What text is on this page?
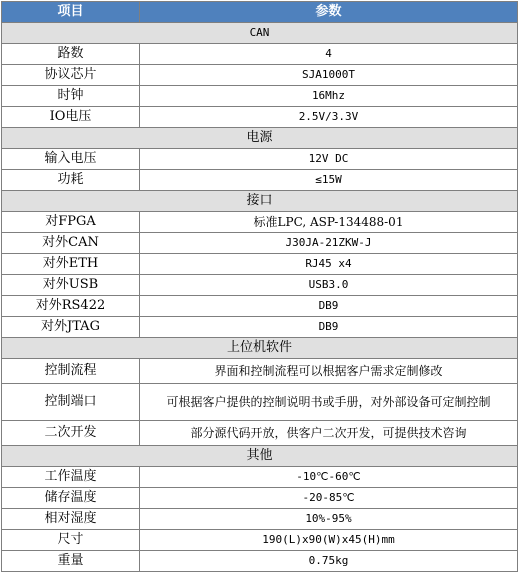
项目	参数
CAN	
路数	4
协议芯片	SJA1000T
时钟	16Mhz
IO电压	2.5V/3.3V
电源	
输入电压	12V DC
功耗	≤15W
接口	
对FPGA	标准LPC, ASP-134488-01
对外CAN	J30JA-21ZKW-J
对外ETH	RJ45 x4
对外USB	USB3.0
对外RS422	DB9
对外JTAG	DB9
上位机软件	
控制流程	界面和控制流程可以根据客户需求定制修改
控制端口	可根据客户提供的控制说明书或手册，对外部设备可定制控制
二次开发	部分源代码开放，供客户二次开发，可提供技术咨询
其他	
工作温度	-10℃-60℃
储存温度	-20-85℃
相对湿度	10%-95%
尺寸	190(L)x90(W)x45(H)mm
重量	0.75kg
